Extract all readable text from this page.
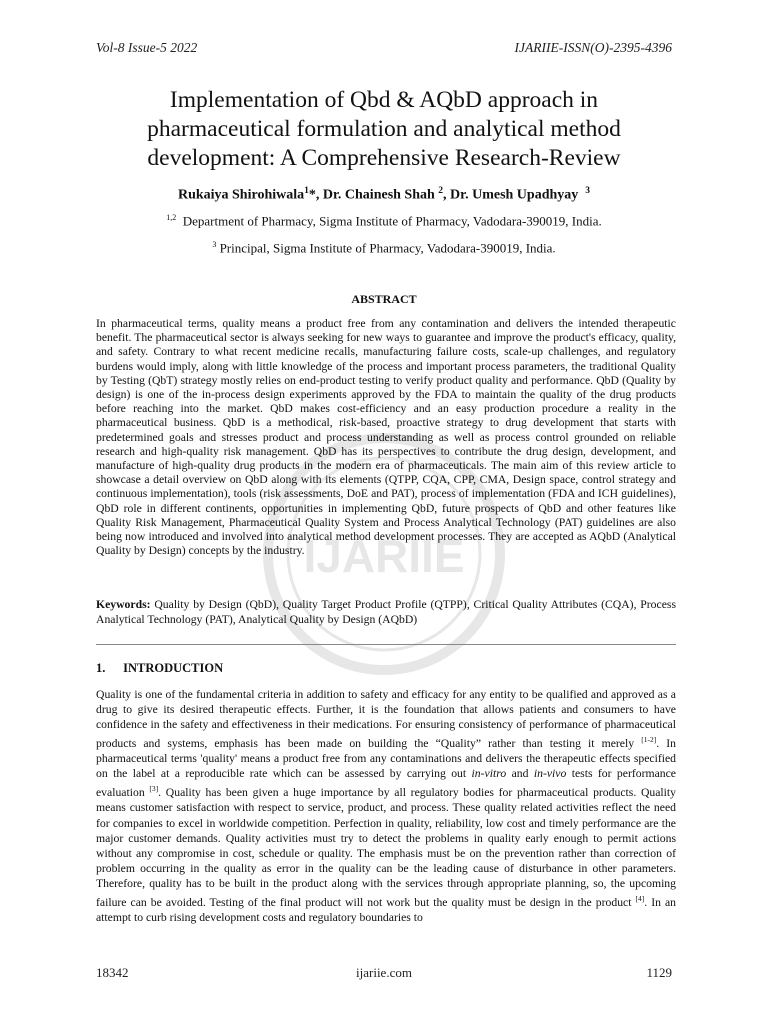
Vol-8 Issue-5 2022	IJARIIE-ISSN(O)-2395-4396
IJARIIE
Implementation of Qbd & AQbD approach in pharmaceutical formulation and analytical method development: A Comprehensive Research-Review
Rukaiya Shirohiwala$^1$*, Dr. Chainesh Shah $^2$, Dr. Umesh Upadhyay $^3$
$^{1,2}$ Department of Pharmacy, Sigma Institute of Pharmacy, Vadodara-390019, India.
$^3$ Principal, Sigma Institute of Pharmacy, Vadodara-390019, India.
ABSTRACT
In pharmaceutical terms, quality means a product free from any contamination and delivers the intended therapeutic benefit. The pharmaceutical sector is always seeking for new ways to guarantee and improve the product's efficacy, quality, and safety. Contrary to what recent medicine recalls, manufacturing failure costs, scale-up challenges, and regulatory burdens would imply, along with little knowledge of the process and important process parameters, the traditional Quality by Testing (QbT) strategy mostly relies on end-product testing to verify product quality and performance. QbD (Quality by design) is one of the in-process design experiments approved by the FDA to maintain the quality of the drug products before reaching into the market. QbD makes cost-efficiency and an easy production procedure a reality in the pharmaceutical business. QbD is a methodical, risk-based, proactive strategy to drug development that starts with predetermined goals and stresses product and process understanding as well as process control grounded on reliable research and high-quality risk management. QbD has its perspectives to contribute the drug design, development, and manufacture of high-quality drug products in the modern era of pharmaceuticals. The main aim of this review article to showcase a detail overview on QbD along with its elements (QTPP, CQA, CPP, CMA, Design space, control strategy and continuous implementation), tools (risk assessments, DoE and PAT), process of implementation (FDA and ICH guidelines), QbD role in different continents, opportunities in implementing QbD, future prospects of QbD and other features like Quality Risk Management, Pharmaceutical Quality System and Process Analytical Technology (PAT) guidelines are also being now introduced and involved into analytical method development processes. They are accepted as AQbD (Analytical Quality by Design) concepts by the industry.
Keywords: Quality by Design (QbD), Quality Target Product Profile (QTPP), Critical Quality Attributes (CQA), Process Analytical Technology (PAT), Analytical Quality by Design (AQbD)
1. INTRODUCTION
Quality is one of the fundamental criteria in addition to safety and efficacy for any entity to be qualified and approved as a drug to give its desired therapeutic effects. Further, it is the foundation that allows patients and consumers to have confidence in the safety and effectiveness in their medications. For ensuring consistency of performance of pharmaceutical products and systems, emphasis has been made on building the “Quality” rather than testing it merely [1-2]. In pharmaceutical terms 'quality' means a product free from any contaminations and delivers the therapeutic effects specified on the label at a reproducible rate which can be assessed by carrying out in-vitro and in-vivo tests for performance evaluation [3]. Quality has been given a huge importance by all regulatory bodies for pharmaceutical products. Quality means customer satisfaction with respect to service, product, and process. These quality related activities reflect the need for companies to excel in worldwide competition. Perfection in quality, reliability, low cost and timely performance are the major customer demands. Quality activities must try to detect the problems in quality early enough to permit actions without any compromise in cost, schedule or quality. The emphasis must be on the prevention rather than correction of problem occurring in the quality as error in the quality can be the leading cause of disturbance in other parameters. Therefore, quality has to be built in the product along with the services through appropriate planning, so, the upcoming failure can be avoided. Testing of the final product will not work but the quality must be design in the product [4]. In an attempt to curb rising development costs and regulatory boundaries to
18342	ijariie.com	1129
